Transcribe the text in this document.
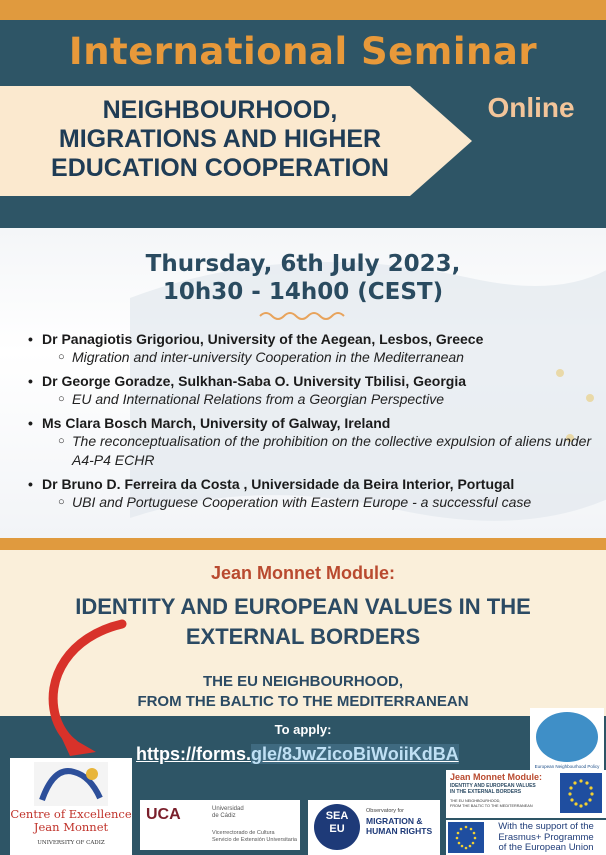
International Seminar
NEIGHBOURHOOD,
MIGRATIONS AND HIGHER
EDUCATION COOPERATION
Online
Thursday, 6th July 2023,
10h30 - 14h00 (CEST)
• Dr Panagiotis Grigoriou, University of the Aegean, Lesbos, Greece
○ Migration and inter-university Cooperation in the Mediterranean
• Dr George Goradze, Sulkhan-Saba O. University Tbilisi, Georgia
○ EU and International Relations from a Georgian Perspective
• Ms Clara Bosch March, University of Galway, Ireland
○ The reconceptualisation of the prohibition on the collective expulsion of aliens under A4-P4 ECHR
• Dr Bruno D. Ferreira da Costa , Universidade da Beira Interior, Portugal
○ UBI and Portuguese Cooperation with Eastern Europe - a successful case
Jean Monnet Module:
IDENTITY AND EUROPEAN VALUES IN THE
EXTERNAL BORDERS
THE EU NEIGHBOURHOOD,
FROM THE BALTIC TO THE MEDITERRANEAN
To apply:
https://forms.gle/8JwZicoBiWoiiKdBA
Centre of Excellence
Jean Monnet
UNIVERSITY OF CADIZ
UCA	Universidad
de Cádiz
Vicerrectorado de Cultura
Servicio de Extensión Universitaria
SEA
EU
Observatory for
MIGRATION &
HUMAN RIGHTS
European Neighbourhood Policy
Jean Monnet Module:
IDENTITY AND EUROPEAN VALUES
IN THE EXTERNAL BORDERS
THE EU NEIGHBOURHOOD,
FROM THE BALTIC TO THE MEDITERRANEAN
With the support of the
Erasmus+ Programme
of the European Union
